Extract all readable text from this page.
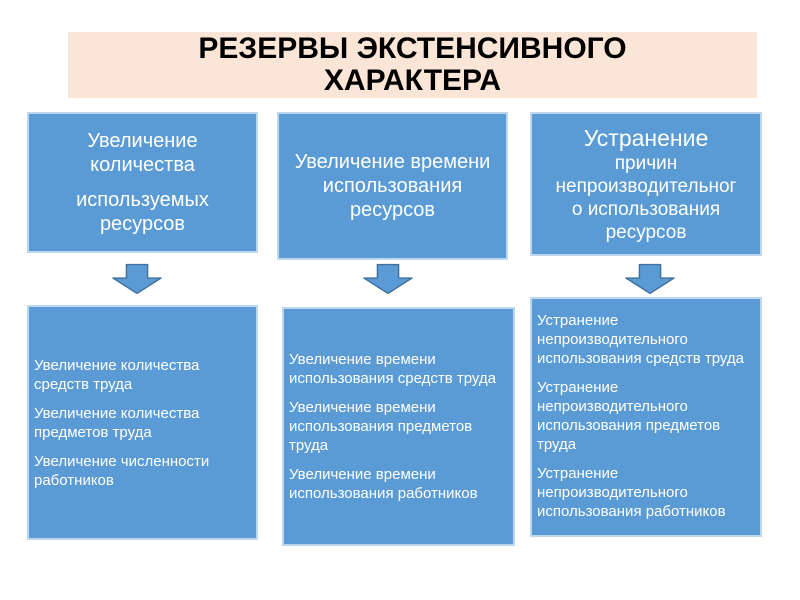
РЕЗЕРВЫ ЭКСТЕНСИВНОГО
ХАРАКТЕРА
Увеличение
количества
используемых
ресурсов
Увеличение времени
использования
ресурсов
Устранение
причин
непроизводительног
о использования
ресурсов
Увеличение количества средств труда
Увеличение количества предметов труда
Увеличение численности работников
Увеличение времени использования средств труда
Увеличение времени использования предметов труда
Увеличение времени использования работников
Устранение непроизводительного использования средств труда
Устранение непроизводительного использования предметов труда
Устранение непроизводительного использования работников
